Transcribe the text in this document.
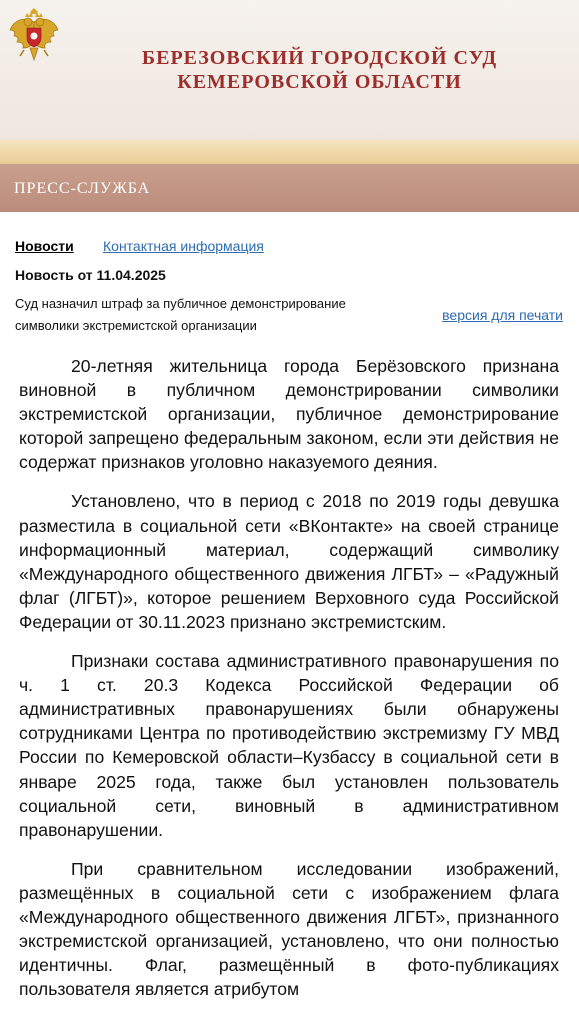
БЕРЕЗОВСКИЙ ГОРОДСКОЙ СУД
КЕМЕРОВСКОЙ ОБЛАСТИ
ПРЕСС-СЛУЖБА
Новости Контактная информация
Новость от 11.04.2025
Суд назначил штраф за публичное демонстрирование
символики экстремистской организации
версия для печати

20-летняя жительница города Берёзовского признана виновной в публичном демонстрировании символики экстремистской организации, публичное демонстрирование которой запрещено федеральным законом, если эти действия не содержат признаков уголовно наказуемого деяния.

Установлено, что в период с 2018 по 2019 годы девушка разместила в социальной сети «ВКонтакте» на своей странице информационный материал, содержащий символику «Международного общественного движения ЛГБТ» – «Радужный флаг (ЛГБТ)», которое решением Верховного суда Российской Федерации от 30.11.2023 признано экстремистским.

Признаки состава административного правонарушения по ч. 1 ст. 20.3 Кодекса Российской Федерации об административных правонарушениях были обнаружены сотрудниками Центра по противодействию экстремизму ГУ МВД России по Кемеровской области–Кузбассу в социальной сети в январе 2025 года, также был установлен пользователь социальной сети, виновный в административном правонарушении.

При сравнительном исследовании изображений, размещённых в социальной сети с изображением флага «Международного общественного движения ЛГБТ», признанного экстремистской организацией, установлено, что они полностью идентичны. Флаг, размещённый в фото-публикациях пользователя является атрибутом
